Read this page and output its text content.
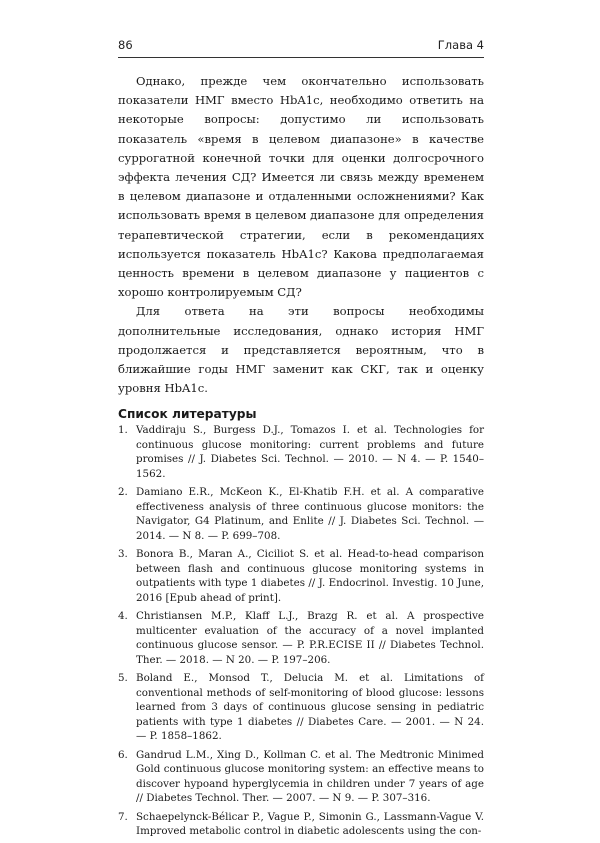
86	Глава 4

Однако, прежде чем окончательно использовать показатели НМГ вместо HbA1c, необходимо ответить на некоторые вопросы: допустимо ли использовать показатель «время в целевом диапазоне» в качестве суррогатной конечной точки для оценки долгосрочного эффекта лечения СД? Имеется ли связь между временем в целевом диапазоне и отдаленными осложнениями? Как использовать время в целевом диапазоне для определения терапевтической стратегии, если в рекомендациях используется показатель HbA1c? Какова предполагаемая ценность времени в целевом диапазоне у пациентов с хорошо контролируемым СД?

Для ответа на эти вопросы необходимы дополнительные исследования, однако история НМГ продолжается и представляется вероятным, что в ближайшие годы НМГ заменит как СКГ, так и оценку уровня HbA1c.

Список литературы
1. Vaddiraju S., Burgess D.J., Tomazos I. et al. Technologies for continuous glucose monitoring: current problems and future promises // J. Diabetes Sci. Technol. — 2010. — N 4. — P. 1540–1562.
2. Damiano E.R., McKeon K., El-Khatib F.H. et al. A comparative effectiveness analysis of three continuous glucose monitors: the Navigator, G4 Platinum, and Enlite // J. Diabetes Sci. Technol. — 2014. — N 8. — P. 699–708.
3. Bonora B., Maran A., Ciciliot S. et al. Head-to-head comparison between flash and continuous glucose monitoring systems in outpatients with type 1 diabetes // J. Endocrinol. Investig. 10 June, 2016 [Epub ahead of print].
4. Christiansen M.P., Klaff L.J., Brazg R. et al. A prospective multicenter evaluation of the accuracy of a novel implanted continuous glucose sensor. — P. P.R.ECISE II // Diabetes Technol. Ther. — 2018. — N 20. — P. 197–206.
5. Boland E., Monsod T., Delucia M. et al. Limitations of conventional methods of self-monitoring of blood glucose: lessons learned from 3 days of continuous glucose sensing in pediatric patients with type 1 diabetes // Diabetes Care. — 2001. — N 24. — P. 1858–1862.
6. Gandrud L.M., Xing D., Kollman C. et al. The Medtronic Minimed Gold continuous glucose monitoring system: an effective means to discover hypoand hyperglycemia in children under 7 years of age // Diabetes Technol. Ther. — 2007. — N 9. — P. 307–316.
7. Schaepelynck-Bélicar P., Vague P., Simonin G., Lassmann-Vague V. Improved metabolic control in diabetic adolescents using the con-
